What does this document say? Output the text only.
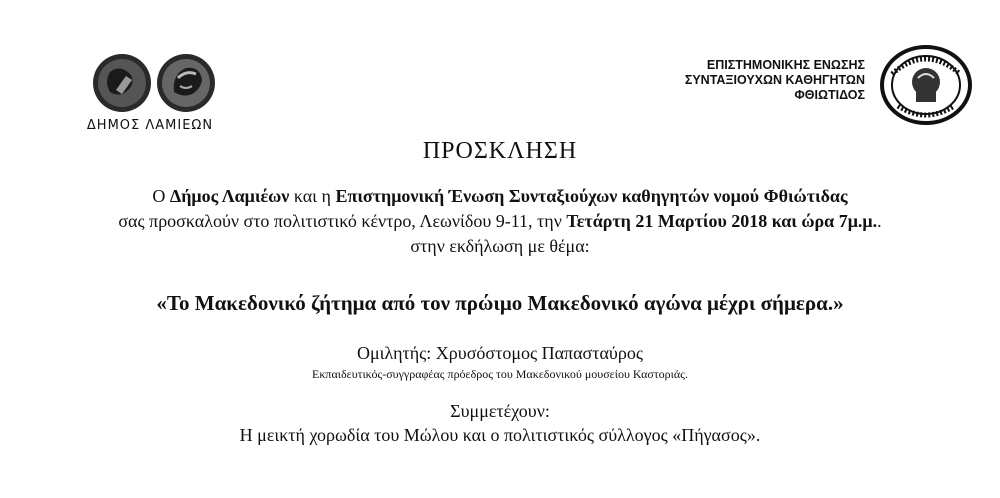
ΔΗΜΟΣ ΛΑΜΙΕΩΝ
ΕΠΙΣΤΗΜΟΝΙΚΗΣ ΕΝΩΣΗΣ
ΣΥΝΤΑΞΙΟΥΧΩΝ ΚΑΘΗΓΗΤΩΝ
ΦΘΙΩΤΙΔΟΣ
ΠΡΟΣΚΛΗΣΗ
Ο Δήμος Λαμιέων και η Επιστημονική Ένωση Συνταξιούχων καθηγητών νομού Φθιώτιδας
σας προσκαλούν στο πολιτιστικό κέντρο, Λεωνίδου 9-11, την Τετάρτη 21 Μαρτίου 2018 και ώρα 7μ.μ..
στην εκδήλωση με θέμα:
«Το Μακεδονικό ζήτημα από τον πρώιμο Μακεδονικό αγώνα μέχρι σήμερα.»
Ομιλητής: Χρυσόστομος Παπασταύρος
Εκπαιδευτικός-συγγραφέας πρόεδρος του Μακεδονικού μουσείου Καστοριάς.
Συμμετέχουν:
Η μεικτή χορωδία του Μώλου και ο πολιτιστικός σύλλογος «Πήγασος».
